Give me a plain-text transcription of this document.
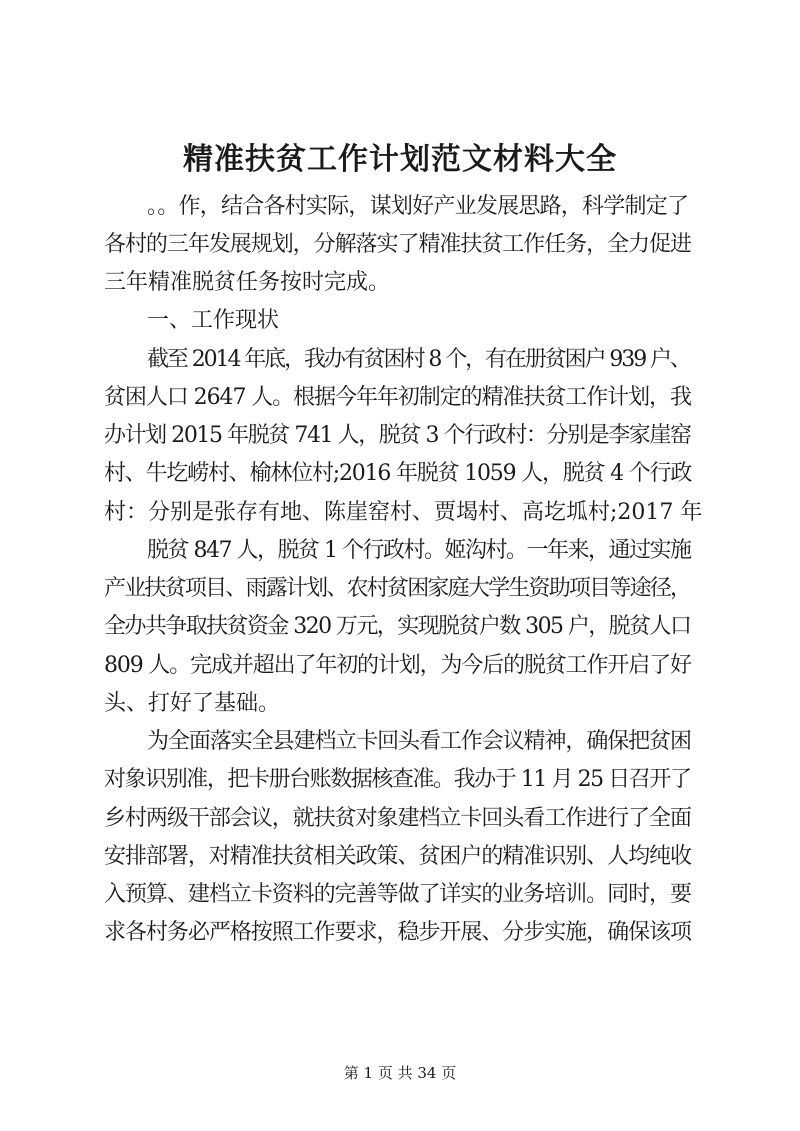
精准扶贫工作计划范文材料大全
。。作，结合各村实际，谋划好产业发展思路，科学制定了
各村的三年发展规划，分解落实了精准扶贫工作任务，全力促进
三年精准脱贫任务按时完成。
一、工作现状
截至 2014 年底，我办有贫困村 8 个，有在册贫困户 939 户、
贫困人口 2647 人。根据今年年初制定的精准扶贫工作计划，我
办计划 2015 年脱贫 741 人，脱贫 3 个行政村：分别是李家崖窑
村、牛圪崂村、榆林位村;2016 年脱贫 1059 人，脱贫 4 个行政
村：分别是张存有地、陈崖窑村、贾堨村、高圪坬村;2017 年
脱贫 847 人，脱贫 1 个行政村。姬沟村。一年来，通过实施
产业扶贫项目、雨露计划、农村贫困家庭大学生资助项目等途径，
全办共争取扶贫资金 320 万元，实现脱贫户数 305 户，脱贫人口
809 人。完成并超出了年初的计划，为今后的脱贫工作开启了好
头、打好了基础。
为全面落实全县建档立卡回头看工作会议精神，确保把贫困
对象识别准，把卡册台账数据核查准。我办于 11 月 25 日召开了
乡村两级干部会议，就扶贫对象建档立卡回头看工作进行了全面
安排部署，对精准扶贫相关政策、贫困户的精准识别、人均纯收
入预算、建档立卡资料的完善等做了详实的业务培训。同时，要
求各村务必严格按照工作要求，稳步开展、分步实施，确保该项
第 1 页 共 34 页
